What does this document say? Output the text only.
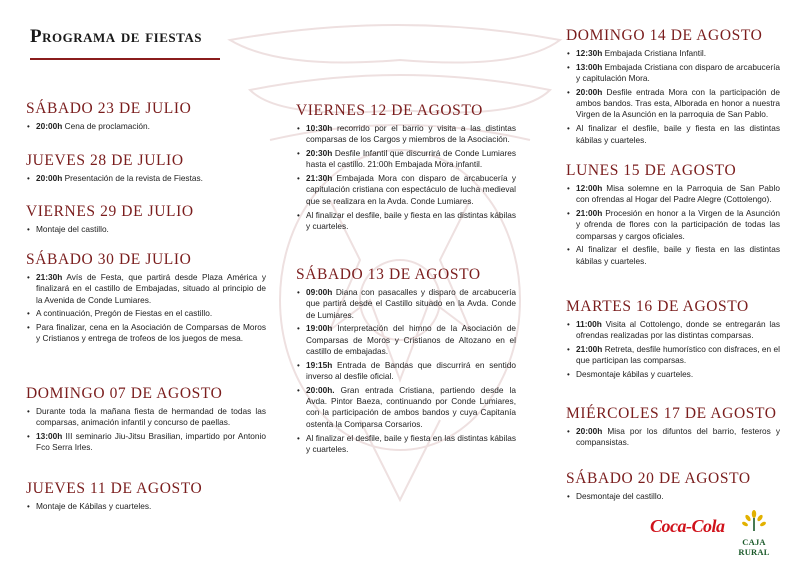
Programa de fiestas
SÁBADO 23 DE JULIO
• 20:00h Cena de proclamación.
JUEVES 28 DE JULIO
• 20:00h Presentación de la revista de Fiestas.
VIERNES 29 DE JULIO
• Montaje del castillo.
SÁBADO 30 DE JULIO
• 21:30h Avís de Festa, que partirá desde Plaza América y finalizará en el castillo de Embajadas, situado al principio de la Avenida de Conde Lumiares.
• A continuación, Pregón de Fiestas en el castillo.
• Para finalizar, cena en la Asociación de Comparsas de Moros y Cristianos y entrega de trofeos de los juegos de mesa.
DOMINGO 07 DE AGOSTO
• Durante toda la mañana fiesta de hermandad de todas las comparsas, animación infantil y concurso de paellas.
• 13:00h III seminario Jiu-Jitsu Brasilian, impartido por Antonio Fco Serra Irles.
JUEVES 11 DE AGOSTO
• Montaje de Kábilas y cuarteles.
VIERNES 12 DE AGOSTO
• 10:30h recorrido por el barrio y visita a las distintas comparsas de los Cargos y miembros de la Asociación.
• 20:30h Desfile Infantil que discurrirá de Conde Lumiares hasta el castillo. 21:00h Embajada Mora infantil.
• 21:30h Embajada Mora con disparo de arcabucería y capitulación cristiana con espectáculo de lucha medieval que se realizara en la Avda. Conde Lumiares.
• Al finalizar el desfile, baile y fiesta en las distintas kábilas y cuarteles.
SÁBADO 13 DE AGOSTO
• 09:00h Diana con pasacalles y disparo de arcabucería que partirá desde el Castillo situado en la Avda. Conde de Lumiares.
• 19:00h Interpretación del himno de la Asociación de Comparsas de Moros y Cristianos de Altozano en el castillo de embajadas.
• 19:15h Entrada de Bandas que discurrirá en sentido inverso al desfile oficial.
• 20:00h. Gran entrada Cristiana, partiendo desde la Avda. Pintor Baeza, continuando por Conde Lumiares, con la participación de ambos bandos y cuya Capitanía ostenta la Comparsa Corsarios.
• Al finalizar el desfile, baile y fiesta en las distintas kábilas y cuarteles.
DOMINGO 14 DE AGOSTO
• 12:30h Embajada Cristiana Infantil.
• 13:00h Embajada Cristiana con disparo de arcabucería y capitulación Mora.
• 20:00h Desfile entrada Mora con la participación de ambos bandos. Tras esta, Alborada en honor a nuestra Virgen de la Asunción en la parroquia de San Pablo.
• Al finalizar el desfile, baile y fiesta en las distintas kábilas y cuarteles.
LUNES 15 DE AGOSTO
• 12:00h Misa solemne en la Parroquia de San Pablo con ofrendas al Hogar del Padre Alegre (Cottolengo).
• 21:00h Procesión en honor a la Virgen de la Asunción y ofrenda de flores con la participación de todas las comparsas y cargos oficiales.
• Al finalizar el desfile, baile y fiesta en las distintas kábilas y cuarteles.
MARTES 16 DE AGOSTO
• 11:00h Visita al Cottolengo, donde se entregarán las ofrendas realizadas por las distintas comparsas.
• 21:00h Retreta, desfile humorístico con disfraces, en el que participan las comparsas.
• Desmontaje kábilas y cuarteles.
MIÉRCOLES 17 DE AGOSTO
• 20:00h Misa por los difuntos del barrio, festeros y compansistas.
SÁBADO 20 DE AGOSTO
• Desmontaje del castillo.
Coca-Cola
CAJA RURAL
